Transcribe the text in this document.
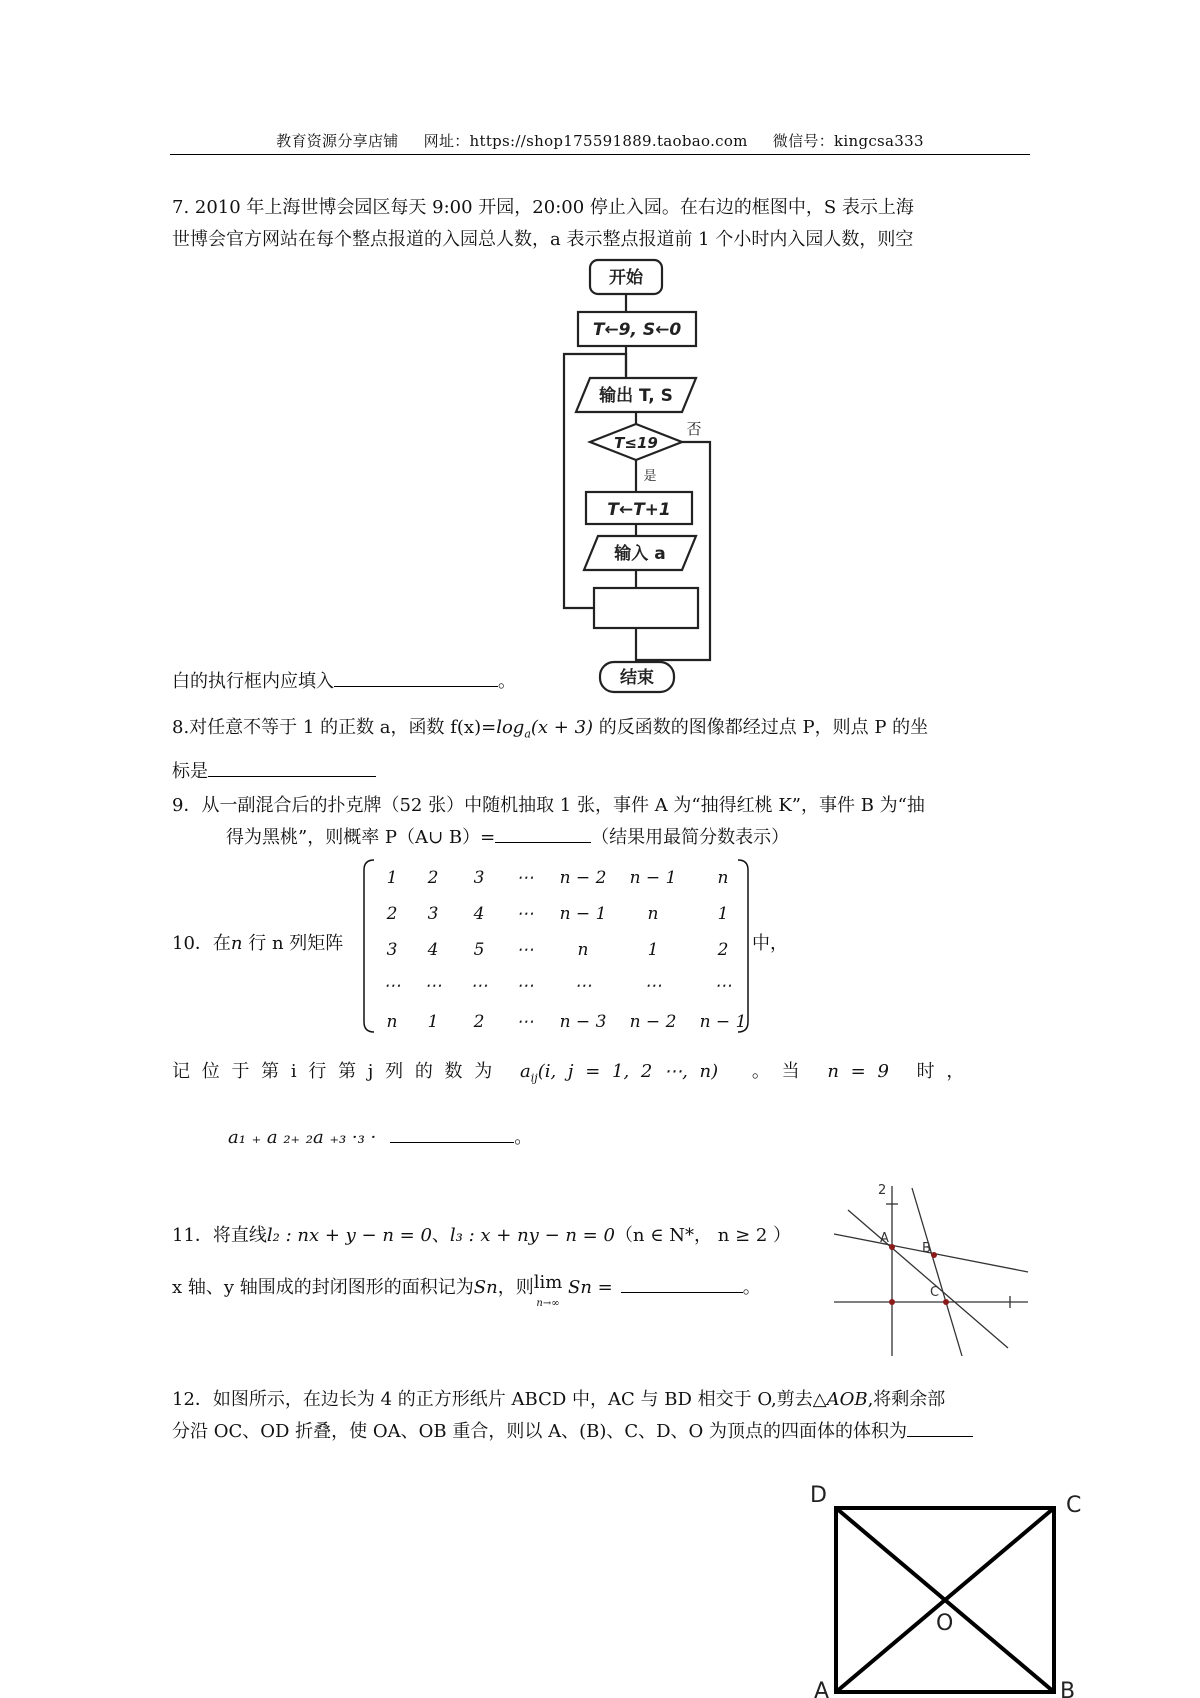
教育资源分享店铺 网址：https://shop175591889.taobao.com 微信号：kingcsa333
7. 2010 年上海世博会园区每天 9:00 开园，20:00 停止入园。在右边的框图中，S 表示上海
世博会官方网站在每个整点报道的入园总人数，a 表示整点报道前 1 个小时内入园人数，则空
开始
T←9, S←0
输出 T, S
T≤19
否
是
T←T+1
输入 a
结束
白的执行框内应填入	。
8.对任意不等于 1 的正数 a，函数 $f(x)=\log_a(x + 3)$ 的反函数的图像都经过点 P，则点 P 的坐
标是
9．从一副混合后的扑克牌（52 张）中随机抽取 1 张，事件 A 为“抽得红桃 K”，事件 B 为“抽
得为黑桃”，则概率 P（A∪ B）=	（结果用最简分数表示）
10．在n 行 n 列矩阵
1	2	3	⋯	n − 2	n − 1	n
2	3	4	⋯	n − 1	n	1
3	4	5	⋯	n	1	2
⋯	⋯	⋯	⋯	⋯	⋯	⋯
n	1	2	⋯	n − 3	n − 2	n − 1
中，
记 位 于 第 i 行 第 j 列 的 数 为 $a_{ij}(i$, j = 1, 2 ⋯, n) 。 当 n = 9 时 ，
a₁ ₊ a ₂₊ ₂a ₊₃ ·₃ ·	。
11．将直线l₂ : nx + y − n = 0、l₃ : x + ny − n = 0（n ∈ N*， n ≥ 2 ）
x 轴、y 轴围成的封闭图形的面积记为Sn，则lim
n→∞ Sn =	。
2
A
B
C
12．如图所示，在边长为 4 的正方形纸片 ABCD 中，AC 与 BD 相交于 O,剪去△AOB,将剩余部
分沿 OC、OD 折叠，使 OA、OB 重合，则以 A、(B)、C、D、O 为顶点的四面体的体积为
D	C
O
A	B
